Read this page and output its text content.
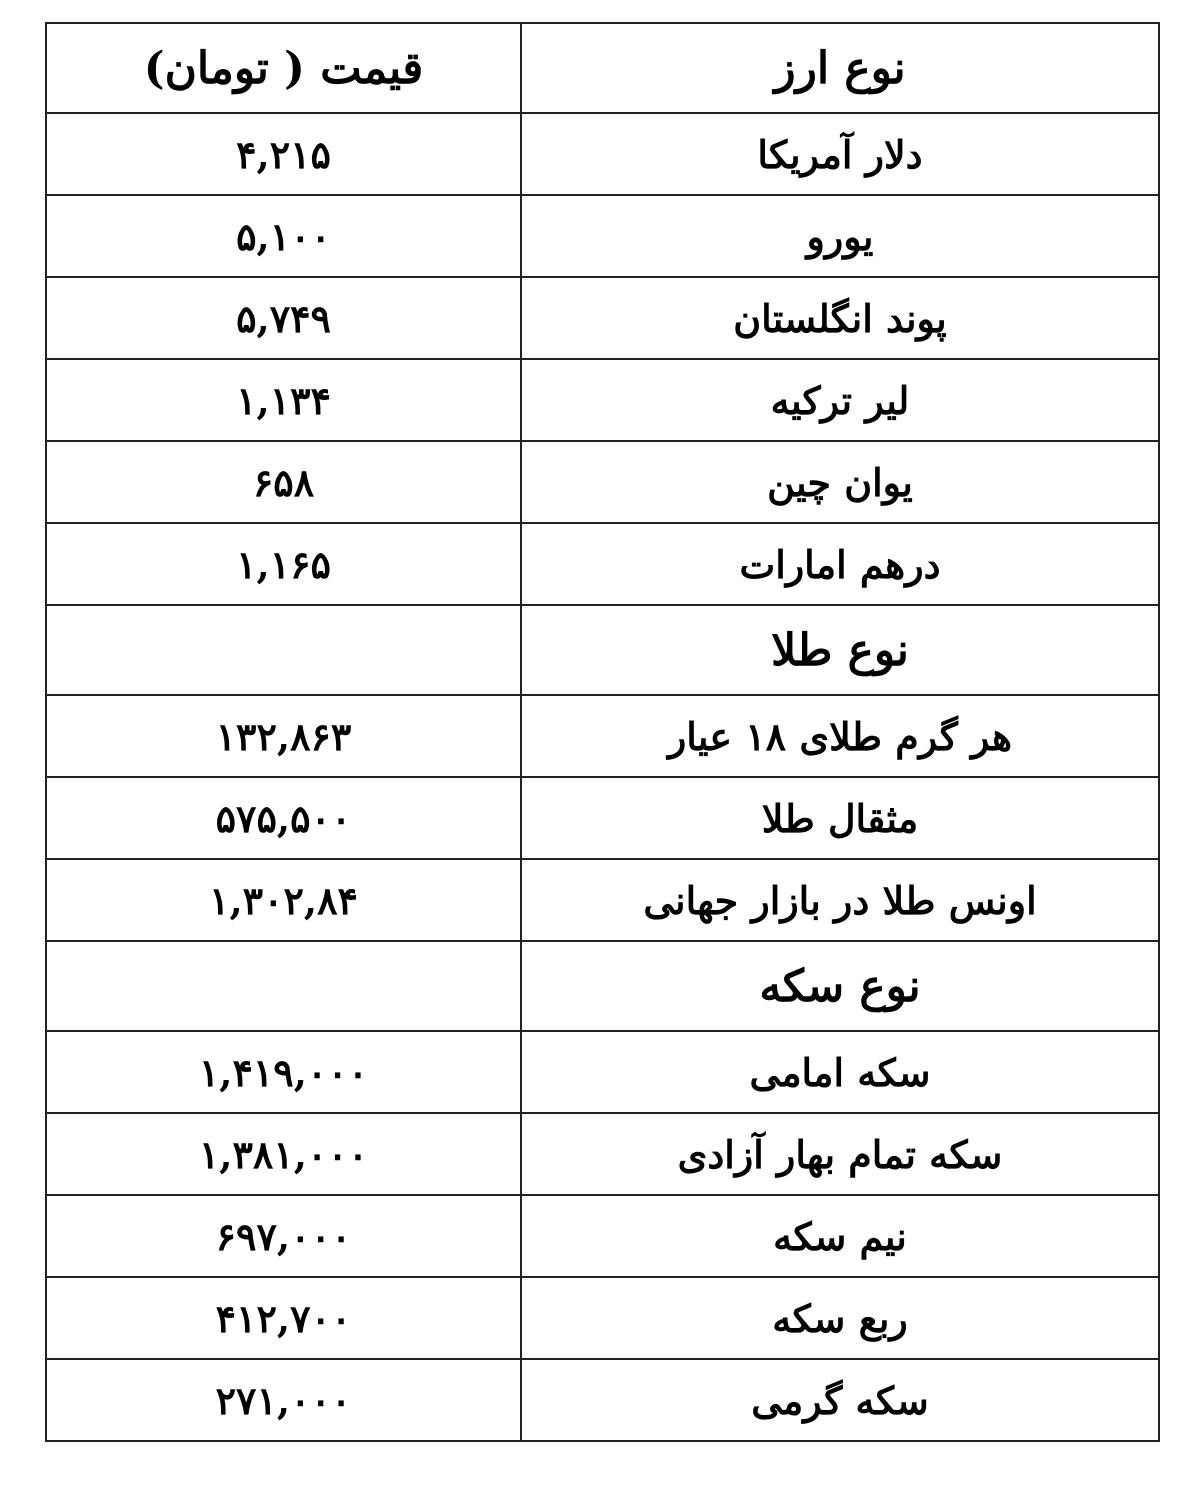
نوع ارز	قیمت ( تومان)
دلار آمریکا	۴,۲۱۵
یورو	۵,۱۰۰
پوند انگلستان	۵,۷۴۹
لیر ترکیه	۱,۱۳۴
یوان چین	۶۵۸
درهم امارات	۱,۱۶۵
نوع طلا	
هر گرم طلای ۱۸ عیار	۱۳۲,۸۶۳
مثقال طلا	۵۷۵,۵۰۰
اونس طلا در بازار جهانی	۱,۳۰۲,۸۴
نوع سکه	
سکه امامی	۱,۴۱۹,۰۰۰
سکه تمام بهار آزادی	۱,۳۸۱,۰۰۰
نیم سکه	۶۹۷,۰۰۰
ربع سکه	۴۱۲,۷۰۰
سکه گرمی	۲۷۱,۰۰۰
